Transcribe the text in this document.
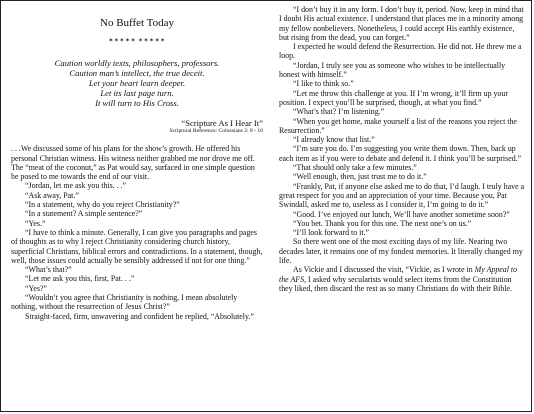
No Buffet Today
✶✶✶✶✶ ✶✶✶✶✶
Caution worldly texts, philosophers, professors.
Caution man’s intellect, the true deceit.
Let your heart learn deeper.
Let its last page turn.
It will turn to His Cross.
“Scripture As I Hear It”
Scriptural Reference: Colossians 2: 8 - 10

. . .We discussed some of his plans for the show’s growth. He offered his personal Christian witness. His witness neither grabbed me nor drove me off. The “meat of the coconut,” as Pat would say, surfaced in one simple question he posed to me towards the end of our visit.

“Jordan, let me ask you this. . .”

“Ask away, Pat.”

“In a statement, why do you reject Christianity?”

“In a statement? A simple sentence?”

“Yes.”

“I have to think a minute. Generally, I can give you paragraphs and pages of thoughts as to why I reject Christianity considering church history, superficial Christians, biblical errors and contradictions. In a statement, though, well, those issues could actually be sensibly addressed if not for one thing.”

“What’s that?”

“Let me ask you this, first, Pat. . .”

“Yes?”

“Wouldn’t you agree that Christianity is nothing, I mean absolutely nothing, without the resurrection of Jesus Christ?”

Straight-faced, firm, unwavering and confident he replied, “Absolutely.”

“I don’t buy it in any form. I don’t buy it, period. Now, keep in mind that I doubt His actual existence. I understand that places me in a minority among my fellow nonbelievers. Nonetheless, I could accept His earthly existence, but rising from the dead, you can forget.”

I expected he would defend the Resurrection. He did not. He threw me a loop.

“Jordan, I truly see you as someone who wishes to be intellectually honest with himself.”

“I like to think so.”

“Let me throw this challenge at you. If I’m wrong, it’ll firm up your position. I expect you’ll be surprised, though, at what you find.”

“What’s that? I’m listening.”

“When you get home, make yourself a list of the reasons you reject the Resurrection.”

“I already know that list.”

“I’m sure you do. I’m suggesting you write them down. Then, back up each item as if you were to debate and defend it. I think you’ll be surprised.”

“That should only take a few minutes.”

“Well enough, then, just trust me to do it.”

“Frankly, Pat, if anyone else asked me to do that, I’d laugh. I truly have a great respect for you and an appreciation of your time. Because you, Pat Swindall, asked me to, useless as I consider it, I’m going to do it.”

“Good. I’ve enjoyed our lunch, We’ll have another sometime soon?”

“You bet. Thank you for this one. The next one’s on us.”

“I’ll look forward to it.”

So there went one of the most exciting days of my life. Nearing two decades later, it remains one of my fondest memories. It literally changed my life.

As Vickie and I discussed the visit, “Vickie, as I wrote in My Appeal to the AFS, I asked why secularists would select items from the Constitution they liked, then discard the rest as so many Christians do with their Bible.
